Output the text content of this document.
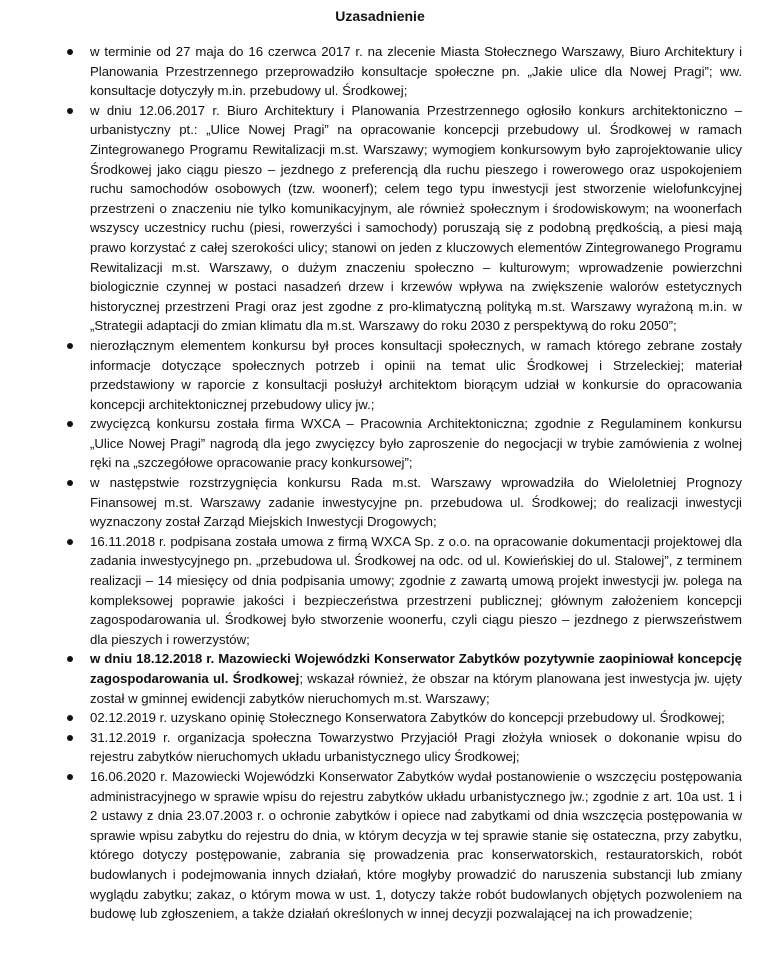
Uzasadnienie
w terminie od 27 maja do 16 czerwca 2017 r. na zlecenie Miasta Stołecznego Warszawy, Biuro Architektury i Planowania Przestrzennego przeprowadziło konsultacje społeczne pn. „Jakie ulice dla Nowej Pragi”; ww. konsultacje dotyczyły m.in. przebudowy ul. Środkowej;
w dniu 12.06.2017 r. Biuro Architektury i Planowania Przestrzennego ogłosiło konkurs architektoniczno – urbanistyczny pt.: „Ulice Nowej Pragi” na opracowanie koncepcji przebudowy ul. Środkowej w ramach Zintegrowanego Programu Rewitalizacji m.st. Warszawy; wymogiem konkursowym było zaprojektowanie ulicy Środkowej jako ciągu pieszo – jezdnego z preferencją dla ruchu pieszego i rowerowego oraz uspokojeniem ruchu samochodów osobowych (tzw. woonerf); celem tego typu inwestycji jest stworzenie wielofunkcyjnej przestrzeni o znaczeniu nie tylko komunikacyjnym, ale również społecznym i środowiskowym; na woonerfach wszyscy uczestnicy ruchu (piesi, rowerzyści i samochody) poruszają się z podobną prędkością, a piesi mają prawo korzystać z całej szerokości ulicy; stanowi on jeden z kluczowych elementów Zintegrowanego Programu Rewitalizacji m.st. Warszawy, o dużym znaczeniu społeczno – kulturowym; wprowadzenie powierzchni biologicznie czynnej w postaci nasadzeń drzew i krzewów wpływa na zwiększenie walorów estetycznych historycznej przestrzeni Pragi oraz jest zgodne z pro-klimatyczną polityką m.st. Warszawy wyrażoną m.in. w „Strategii adaptacji do zmian klimatu dla m.st. Warszawy do roku 2030 z perspektywą do roku 2050”;
nierozłącznym elementem konkursu był proces konsultacji społecznych, w ramach którego zebrane zostały informacje dotyczące społecznych potrzeb i opinii na temat ulic Środkowej i Strzeleckiej; materiał przedstawiony w raporcie z konsultacji posłużył architektom biorącym udział w konkursie do opracowania koncepcji architektonicznej przebudowy ulicy jw.;
zwycięzcą konkursu została firma WXCA – Pracownia Architektoniczna; zgodnie z Regulaminem konkursu „Ulice Nowej Pragi” nagrodą dla jego zwycięzcy było zaproszenie do negocjacji w trybie zamówienia z wolnej ręki na „szczegółowe opracowanie pracy konkursowej”;
w następstwie rozstrzygnięcia konkursu Rada m.st. Warszawy wprowadziła do Wieloletniej Prognozy Finansowej m.st. Warszawy zadanie inwestycyjne pn. przebudowa ul. Środkowej; do realizacji inwestycji wyznaczony został Zarząd Miejskich Inwestycji Drogowych;
16.11.2018 r. podpisana została umowa z firmą WXCA Sp. z o.o. na opracowanie dokumentacji projektowej dla zadania inwestycyjnego pn. „przebudowa ul. Środkowej na odc. od ul. Kowieńskiej do ul. Stalowej”, z terminem realizacji – 14 miesięcy od dnia podpisania umowy; zgodnie z zawartą umową projekt inwestycji jw. polega na kompleksowej poprawie jakości i bezpieczeństwa przestrzeni publicznej; głównym założeniem koncepcji zagospodarowania ul. Środkowej było stworzenie woonerfu, czyli ciągu pieszo – jezdnego z pierwszeństwem dla pieszych i rowerzystów;
w dniu 18.12.2018 r. Mazowiecki Wojewódzki Konserwator Zabytków pozytywnie zaopiniował koncepcję zagospodarowania ul. Środkowej; wskazał również, że obszar na którym planowana jest inwestycja jw. ujęty został w gminnej ewidencji zabytków nieruchomych m.st. Warszawy;
02.12.2019 r. uzyskano opinię Stołecznego Konserwatora Zabytków do koncepcji przebudowy ul. Środkowej;
31.12.2019 r. organizacja społeczna Towarzystwo Przyjaciół Pragi złożyła wniosek o dokonanie wpisu do rejestru zabytków nieruchomych układu urbanistycznego ulicy Środkowej;
16.06.2020 r. Mazowiecki Wojewódzki Konserwator Zabytków wydał postanowienie o wszczęciu postępowania administracyjnego w sprawie wpisu do rejestru zabytków układu urbanistycznego jw.; zgodnie z art. 10a ust. 1 i 2 ustawy z dnia 23.07.2003 r. o ochronie zabytków i opiece nad zabytkami od dnia wszczęcia postępowania w sprawie wpisu zabytku do rejestru do dnia, w którym decyzja w tej sprawie stanie się ostateczna, przy zabytku, którego dotyczy postępowanie, zabrania się prowadzenia prac konserwatorskich, restauratorskich, robót budowlanych i podejmowania innych działań, które mogłyby prowadzić do naruszenia substancji lub zmiany wyglądu zabytku; zakaz, o którym mowa w ust. 1, dotyczy także robót budowlanych objętych pozwoleniem na budowę lub zgłoszeniem, a także działań określonych w innej decyzji pozwalającej na ich prowadzenie;
